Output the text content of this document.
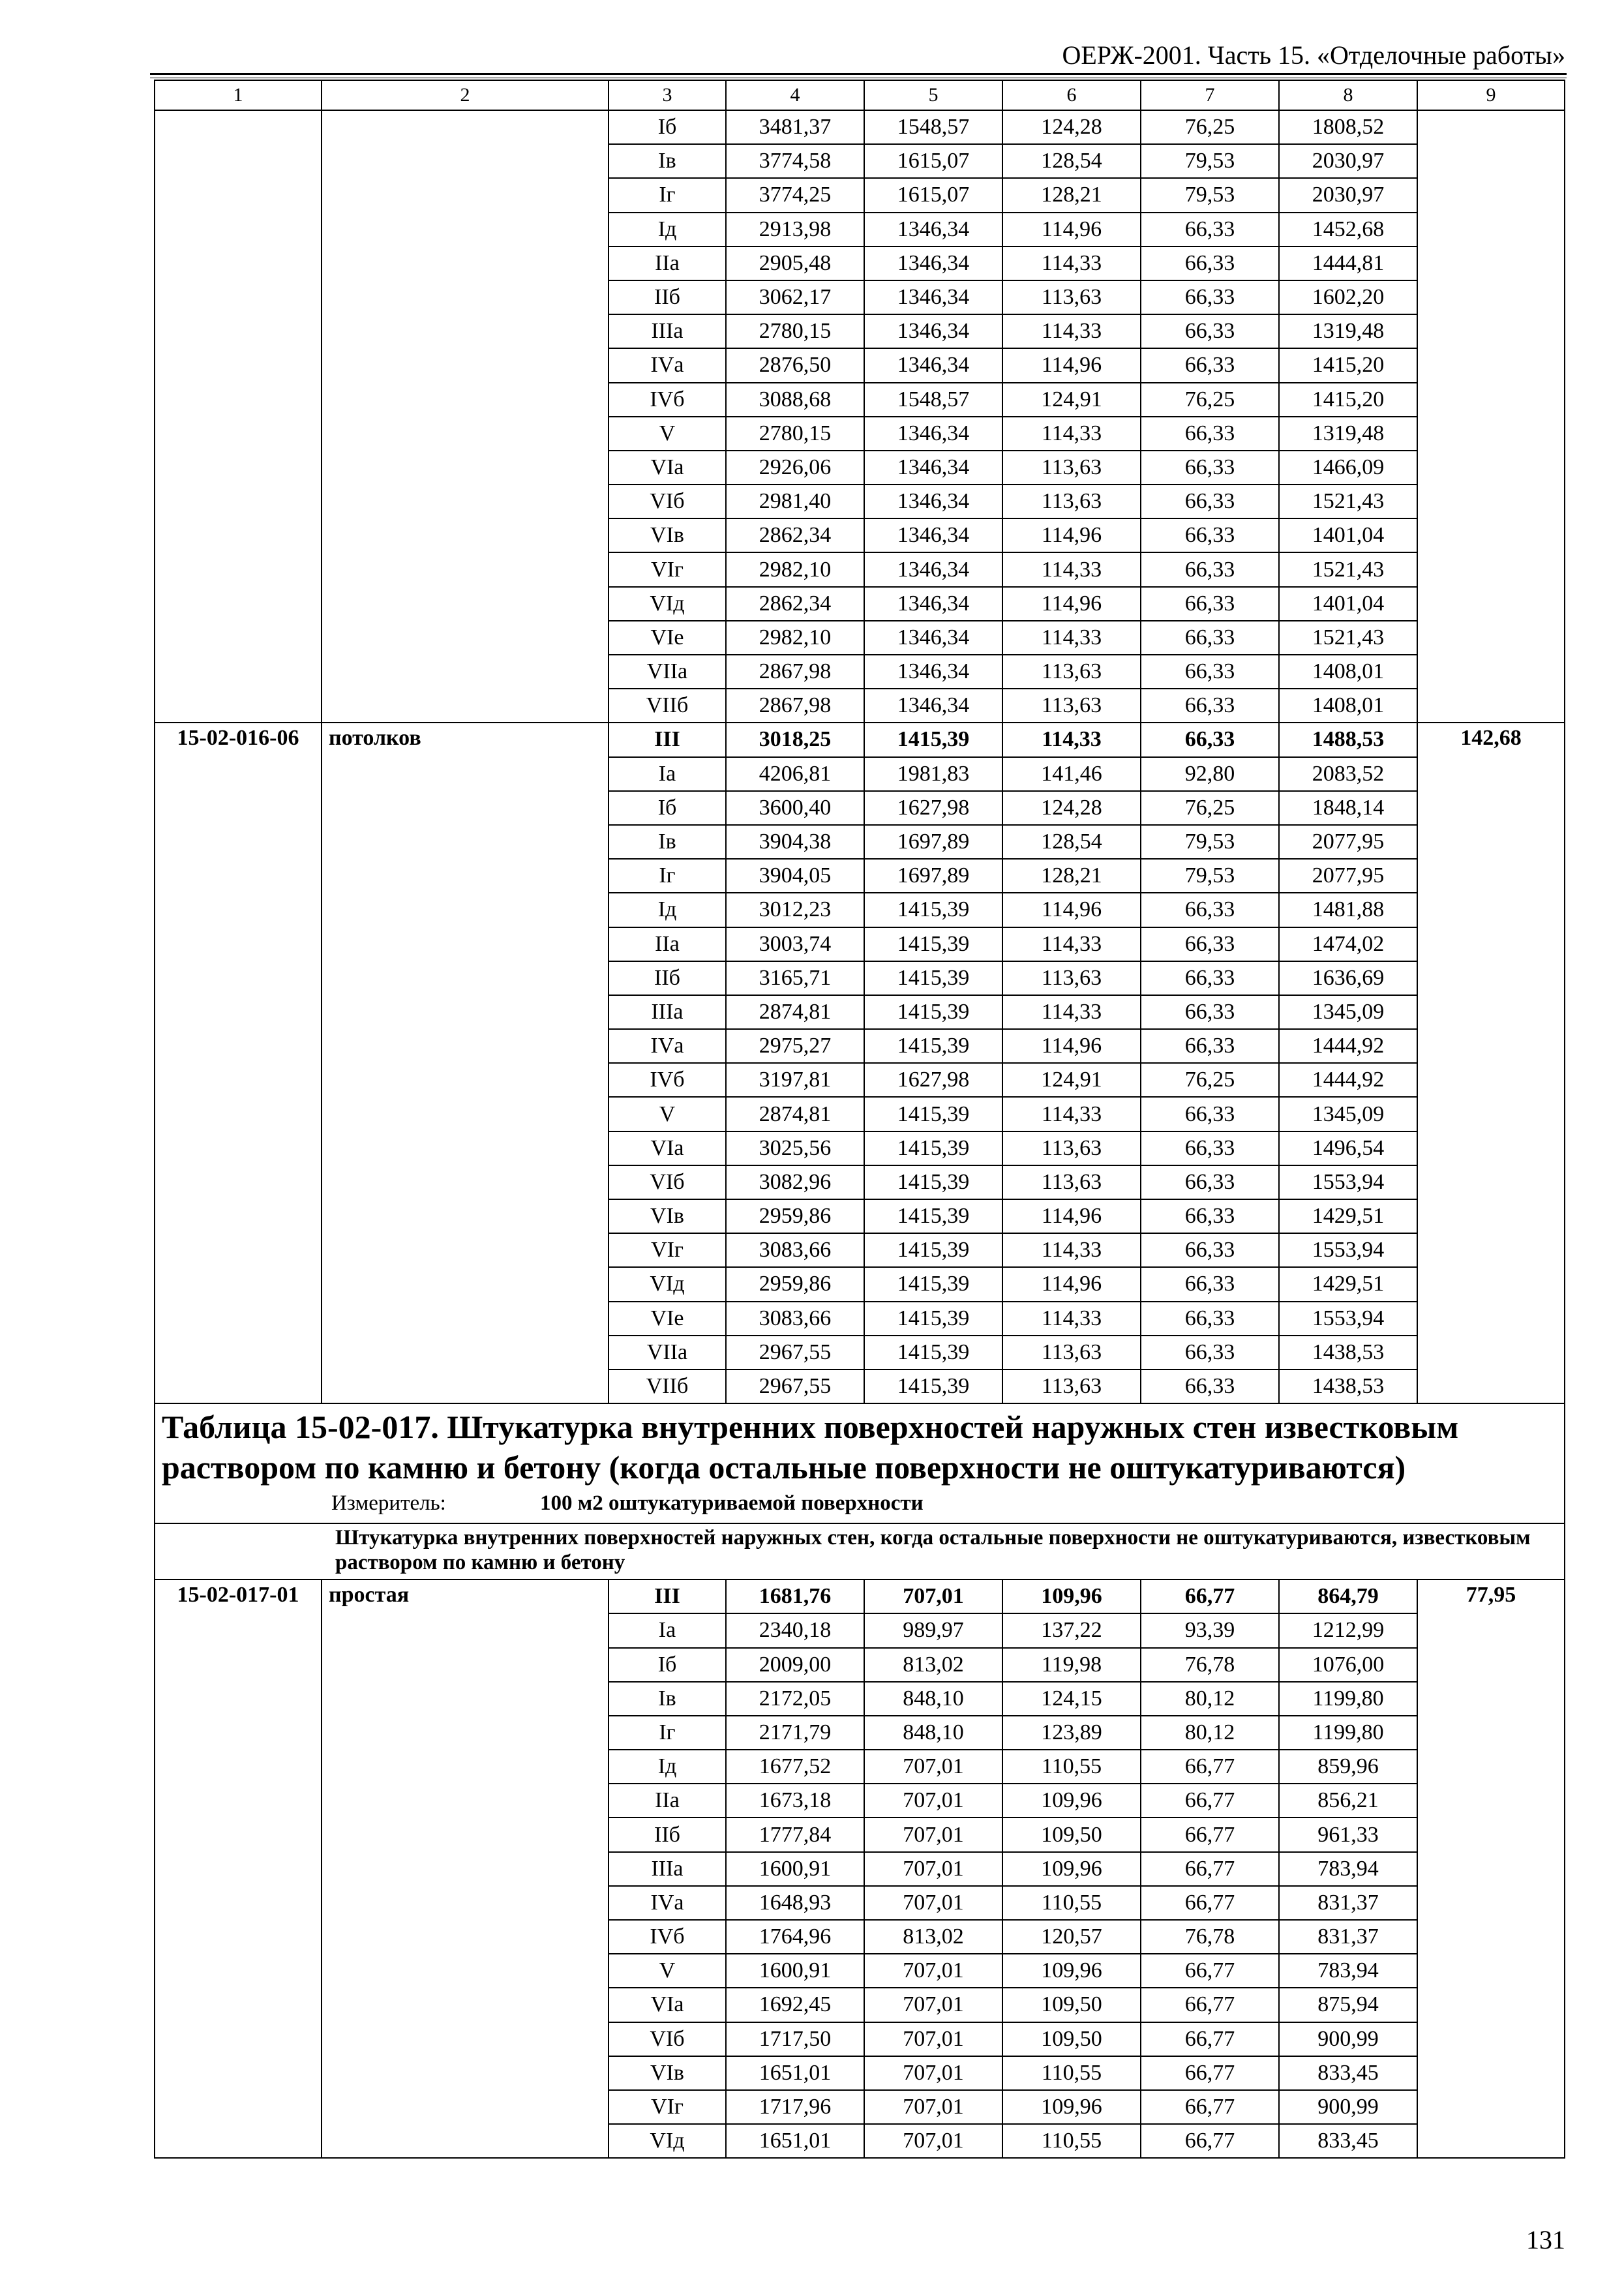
ОЕРЖ-2001. Часть 15. «Отделочные работы»
1	2	3	4	5	6	7	8	9
		Iб	3481,37	1548,57	124,28	76,25	1808,52	
		Iв	3774,58	1615,07	128,54	79,53	2030,97	
		Iг	3774,25	1615,07	128,21	79,53	2030,97	
		Iд	2913,98	1346,34	114,96	66,33	1452,68	
		IIа	2905,48	1346,34	114,33	66,33	1444,81	
		IIб	3062,17	1346,34	113,63	66,33	1602,20	
		IIIа	2780,15	1346,34	114,33	66,33	1319,48	
		IVа	2876,50	1346,34	114,96	66,33	1415,20	
		IVб	3088,68	1548,57	124,91	76,25	1415,20	
		V	2780,15	1346,34	114,33	66,33	1319,48	
		VIа	2926,06	1346,34	113,63	66,33	1466,09	
		VIб	2981,40	1346,34	113,63	66,33	1521,43	
		VIв	2862,34	1346,34	114,96	66,33	1401,04	
		VIг	2982,10	1346,34	114,33	66,33	1521,43	
		VIд	2862,34	1346,34	114,96	66,33	1401,04	
		VIе	2982,10	1346,34	114,33	66,33	1521,43	
		VIIа	2867,98	1346,34	113,63	66,33	1408,01	
		VIIб	2867,98	1346,34	113,63	66,33	1408,01	
15-02-016-06	потолков	III	3018,25	1415,39	114,33	66,33	1488,53	142,68
		Iа	4206,81	1981,83	141,46	92,80	2083,52	
		Iб	3600,40	1627,98	124,28	76,25	1848,14	
		Iв	3904,38	1697,89	128,54	79,53	2077,95	
		Iг	3904,05	1697,89	128,21	79,53	2077,95	
		Iд	3012,23	1415,39	114,96	66,33	1481,88	
		IIа	3003,74	1415,39	114,33	66,33	1474,02	
		IIб	3165,71	1415,39	113,63	66,33	1636,69	
		IIIа	2874,81	1415,39	114,33	66,33	1345,09	
		IVа	2975,27	1415,39	114,96	66,33	1444,92	
		IVб	3197,81	1627,98	124,91	76,25	1444,92	
		V	2874,81	1415,39	114,33	66,33	1345,09	
		VIа	3025,56	1415,39	113,63	66,33	1496,54	
		VIб	3082,96	1415,39	113,63	66,33	1553,94	
		VIв	2959,86	1415,39	114,96	66,33	1429,51	
		VIг	3083,66	1415,39	114,33	66,33	1553,94	
		VIд	2959,86	1415,39	114,96	66,33	1429,51	
		VIе	3083,66	1415,39	114,33	66,33	1553,94	
		VIIа	2967,55	1415,39	113,63	66,33	1438,53	
		VIIб	2967,55	1415,39	113,63	66,33	1438,53	

Таблица 15-02-017. Штукатурка внутренних поверхностей наружных стен известковым раствором по камню и бетону (когда остальные поверхности не оштукатуриваются)
Измеритель: 100 м2 оштукатуриваемой поверхности								

Штукатурка внутренних поверхностей наружных стен, когда остальные поверхности не оштукатуриваются, известковым раствором по камню и бетону								
15-02-017-01	простая	III	1681,76	707,01	109,96	66,77	864,79	77,95
		Iа	2340,18	989,97	137,22	93,39	1212,99	
		Iб	2009,00	813,02	119,98	76,78	1076,00	
		Iв	2172,05	848,10	124,15	80,12	1199,80	
		Iг	2171,79	848,10	123,89	80,12	1199,80	
		Iд	1677,52	707,01	110,55	66,77	859,96	
		IIа	1673,18	707,01	109,96	66,77	856,21	
		IIб	1777,84	707,01	109,50	66,77	961,33	
		IIIа	1600,91	707,01	109,96	66,77	783,94	
		IVа	1648,93	707,01	110,55	66,77	831,37	
		IVб	1764,96	813,02	120,57	76,78	831,37	
		V	1600,91	707,01	109,96	66,77	783,94	
		VIа	1692,45	707,01	109,50	66,77	875,94	
		VIб	1717,50	707,01	109,50	66,77	900,99	
		VIв	1651,01	707,01	110,55	66,77	833,45	
		VIг	1717,96	707,01	109,96	66,77	900,99	
		VIд	1651,01	707,01	110,55	66,77	833,45	
131
